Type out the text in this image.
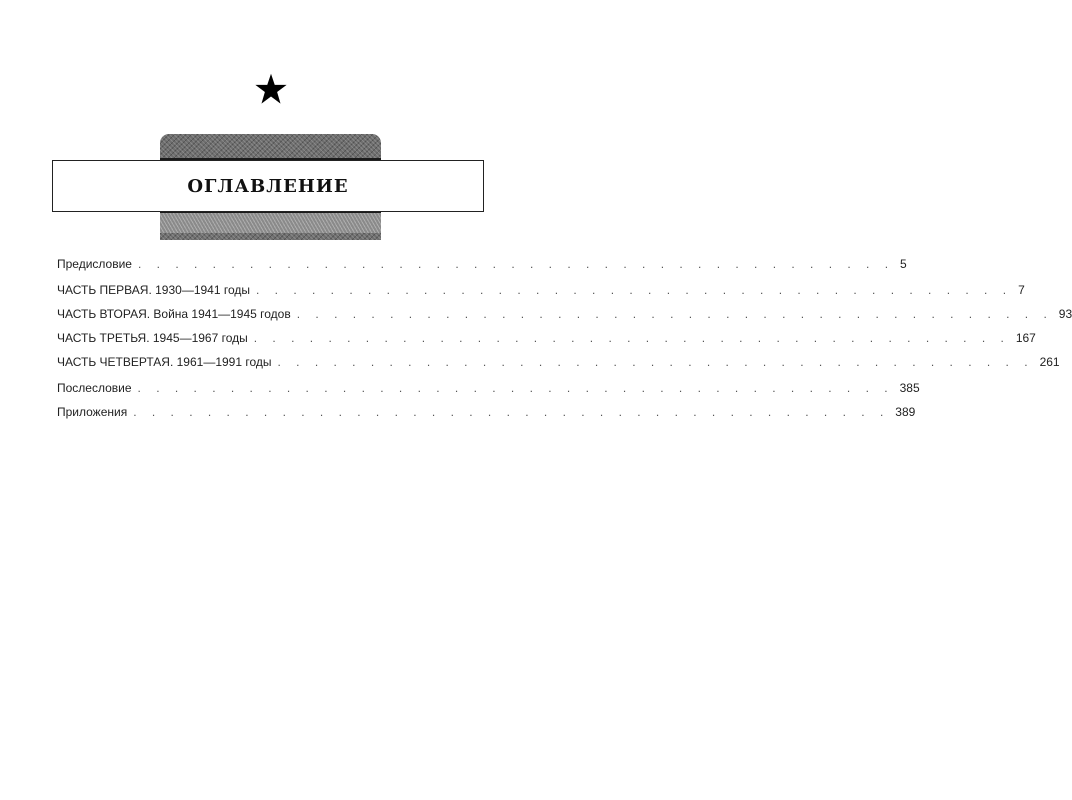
ОГЛАВЛЕНИЕ
Предисловие . . . . . . . . . . . . . . . . . . . . . . . . . . . . . . . . . . . . . . . . . 5
ЧАСТЬ ПЕРВАЯ. 1930—1941 годы . . . . . . . . . . . . . . . . . . . . . . . . . . . . . . . . . . . . . . . . . 7
ЧАСТЬ ВТОРАЯ. Война 1941—1945 годов . . . . . . . . . . . . . . . . . . . . . . . . . . . . . . . . . . . . . . . . . 93
ЧАСТЬ ТРЕТЬЯ. 1945—1967 годы . . . . . . . . . . . . . . . . . . . . . . . . . . . . . . . . . . . . . . . . . 167
ЧАСТЬ ЧЕТВЕРТАЯ. 1961—1991 годы . . . . . . . . . . . . . . . . . . . . . . . . . . . . . . . . . . . . . . . . . 261
Послесловие . . . . . . . . . . . . . . . . . . . . . . . . . . . . . . . . . . . . . . . . . 385
Приложения . . . . . . . . . . . . . . . . . . . . . . . . . . . . . . . . . . . . . . . . . 389
